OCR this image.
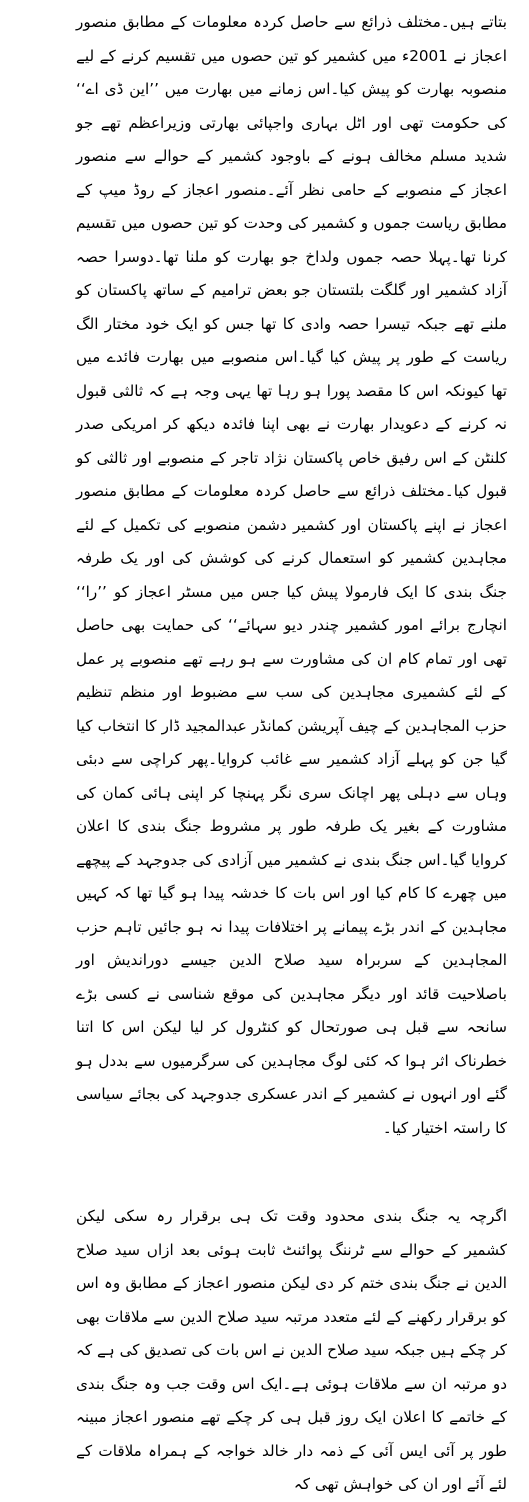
بتاتے ہیں۔مختلف ذرائع سے حاصل کردہ معلومات کے مطابق منصور اعجاز نے 2001ء میں کشمیر کو تین حصوں میں تقسیم کرنے کے لیے منصوبہ بھارت کو پیش کیا۔اس زمانے میں بھارت میں ’’این ڈی اے‘‘ کی حکومت تھی اور اٹل بہاری واجپائی بھارتی وزیراعظم تھے جو شدید مسلم مخالف ہونے کے باوجود کشمیر کے حوالے سے منصور اعجاز کے منصوبے کے حامی نظر آئے۔منصور اعجاز کے روڈ میپ کے مطابق ریاست جموں و کشمیر کی وحدت کو تین حصوں میں تقسیم کرنا تھا۔پہلا حصہ جموں ولداخ جو بھارت کو ملنا تھا۔دوسرا حصہ آزاد کشمیر اور گلگت بلتستان جو بعض ترامیم کے ساتھ پاکستان کو ملنے تھے جبکہ تیسرا حصہ وادی کا تھا جس کو ایک خود مختار الگ ریاست کے طور پر پیش کیا گیا۔اس منصوبے میں بھارت فائدے میں تھا کیونکہ اس کا مقصد پورا ہو رہا تھا یہی وجہ ہے کہ ثالثی قبول نہ کرنے کے دعویدار بھارت نے بھی اپنا فائدہ دیکھ کر امریکی صدر کلنٹن کے اس رفیق خاص پاکستان نژاد تاجر کے منصوبے اور ثالثی کو قبول کیا۔مختلف ذرائع سے حاصل کردہ معلومات کے مطابق منصور اعجاز نے اپنے پاکستان اور کشمیر دشمن منصوبے کی تکمیل کے لئے مجاہدین کشمیر کو استعمال کرنے کی کوشش کی اور یک طرفہ جنگ بندی کا ایک فارمولا پیش کیا جس میں مسٹر اعجاز کو ’’را‘‘ انچارج برائے امور کشمیر چندر دیو سہائے‘‘ کی حمایت بھی حاصل تھی اور تمام کام ان کی مشاورت سے ہو رہے تھے منصوبے پر عمل کے لئے کشمیری مجاہدین کی سب سے مضبوط اور منظم تنظیم حزب المجاہدین کے چیف آپریشن کمانڈر عبدالمجید ڈار کا انتخاب کیا گیا جن کو پہلے آزاد کشمیر سے غائب کروایا۔پھر کراچی سے دبئی وہاں سے دہلی پھر اچانک سری نگر پہنچا کر اپنی ہائی کمان کی مشاورت کے بغیر یک طرفہ طور پر مشروط جنگ بندی کا اعلان کروایا گیا۔اس جنگ بندی نے کشمیر میں آزادی کی جدوجہد کے پیچھے میں چھرے کا کام کیا اور اس بات کا خدشہ پیدا ہو گیا تھا کہ کہیں مجاہدین کے اندر بڑے پیمانے پر اختلافات پیدا نہ ہو جائیں تاہم حزب المجاہدین کے سربراہ سید صلاح الدین جیسے دوراندیش اور باصلاحیت قائد اور دیگر مجاہدین کی موقع شناسی نے کسی بڑے سانحہ سے قبل ہی صورتحال کو کنٹرول کر لیا لیکن اس کا اتنا خطرناک اثر ہوا کہ کئی لوگ مجاہدین کی سرگرمیوں سے بددل ہو گئے اور انہوں نے کشمیر کے اندر عسکری جدوجہد کی بجائے سیاسی کا راستہ اختیار کیا۔

اگرچہ یہ جنگ بندی محدود وقت تک ہی برقرار رہ سکی لیکن کشمیر کے حوالے سے ٹرننگ پوائنٹ ثابت ہوئی بعد ازاں سید صلاح الدین نے جنگ بندی ختم کر دی لیکن منصور اعجاز کے مطابق وہ اس کو برقرار رکھنے کے لئے متعدد مرتبہ سید صلاح الدین سے ملاقات بھی کر چکے ہیں جبکہ سید صلاح الدین نے اس بات کی تصدیق کی ہے کہ دو مرتبہ ان سے ملاقات ہوئی ہے۔ایک اس وقت جب وہ جنگ بندی کے خاتمے کا اعلان ایک روز قبل ہی کر چکے تھے منصور اعجاز مبینہ طور پر آئی ایس آئی کے ذمہ دار خالد خواجہ کے ہمراہ ملاقات کے لئے آئے اور ان کی خواہش تھی کہ
